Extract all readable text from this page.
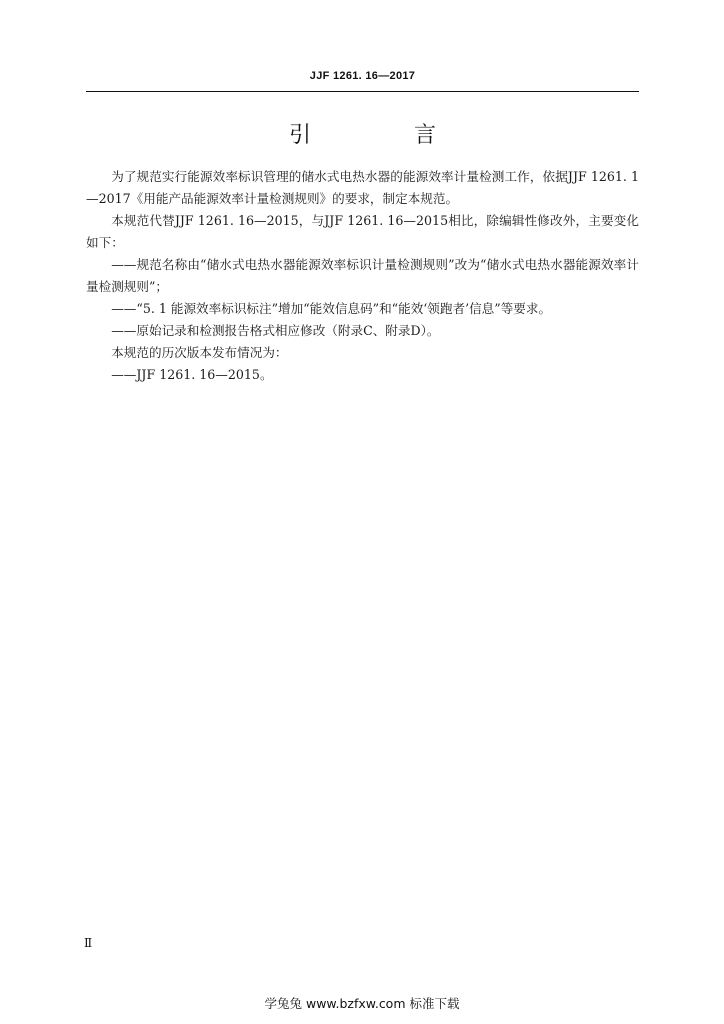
JJF 1261. 16—2017
引 言

为了规范实行能源效率标识管理的储水式电热水器的能源效率计量检测工作，依据JJF 1261. 1—2017《用能产品能源效率计量检测规则》的要求，制定本规范。

本规范代替JJF 1261. 16—2015，与JJF 1261. 16—2015相比，除编辑性修改外，主要变化如下：

——规范名称由“储水式电热水器能源效率标识计量检测规则”改为“储水式电热水器能源效率计量检测规则”；

——“5. 1 能源效率标识标注”增加“能效信息码”和“能效‘领跑者’信息”等要求。

——原始记录和检测报告格式相应修改（附录C、附录D）。

本规范的历次版本发布情况为：

——JJF 1261. 16—2015。

Ⅱ
学兔兔 www.bzfxw.com 标准下载
